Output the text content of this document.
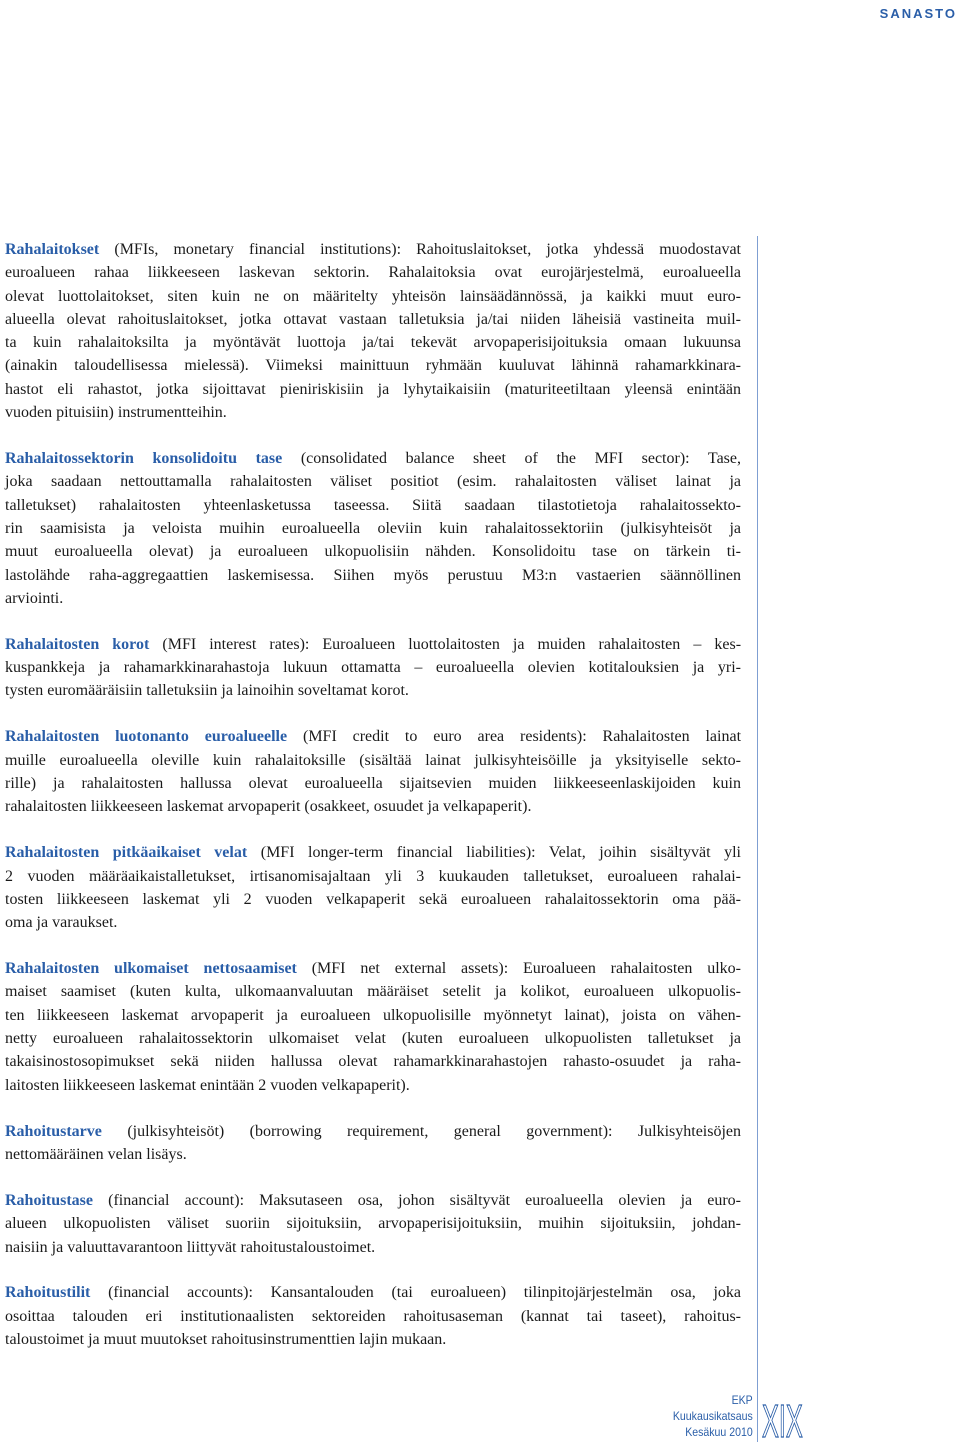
SANASTO
Rahalaitokset (MFIs, monetary financial institutions): Rahoituslaitokset, jotka yhdessä muodostavat
euroalueen rahaa liikkeeseen laskevan sektorin. Rahalaitoksia ovat eurojärjestelmä, euroalueella
olevat luottolaitokset, siten kuin ne on määritelty yhteisön lainsäädännössä, ja kaikki muut euro-
alueella olevat rahoituslaitokset, jotka ottavat vastaan talletuksia ja/tai niiden läheisiä vastineita muil-
ta kuin rahalaitoksilta ja myöntävät luottoja ja/tai tekevät arvopaperisijoituksia omaan lukuunsa
(ainakin taloudellisessa mielessä). Viimeksi mainittuun ryhmään kuuluvat lähinnä rahamarkkinara-
hastot eli rahastot, jotka sijoittavat pieniriskisiin ja lyhytaikaisiin (maturiteetiltaan yleensä enintään
vuoden pituisiin) instrumentteihin.
Rahalaitossektorin konsolidoitu tase (consolidated balance sheet of the MFI sector): Tase,
joka saadaan nettouttamalla rahalaitosten väliset positiot (esim. rahalaitosten väliset lainat ja
talletukset) rahalaitosten yhteenlasketussa taseessa. Siitä saadaan tilastotietoja rahalaitossekto-
rin saamisista ja veloista muihin euroalueella oleviin kuin rahalaitossektoriin (julkisyhteisöt ja
muut euroalueella olevat) ja euroalueen ulkopuolisiin nähden. Konsolidoitu tase on tärkein ti-
lastolähde raha-aggregaattien laskemisessa. Siihen myös perustuu M3:n vastaerien säännöllinen
arviointi.
Rahalaitosten korot (MFI interest rates): Euroalueen luottolaitosten ja muiden rahalaitosten – kes-
kuspankkeja ja rahamarkkinarahastoja lukuun ottamatta – euroalueella olevien kotitalouksien ja yri-
tysten euromääräisiin talletuksiin ja lainoihin soveltamat korot.
Rahalaitosten luotonanto euroalueelle (MFI credit to euro area residents): Rahalaitosten lainat
muille euroalueella oleville kuin rahalaitoksille (sisältää lainat julkisyhteisöille ja yksityiselle sekto-
rille) ja rahalaitosten hallussa olevat euroalueella sijaitsevien muiden liikkeeseenlaskijoiden kuin
rahalaitosten liikkeeseen laskemat arvopaperit (osakkeet, osuudet ja velkapaperit).
Rahalaitosten pitkäaikaiset velat (MFI longer-term financial liabilities): Velat, joihin sisältyvät yli
2 vuoden määräaikaistalletukset, irtisanomisajaltaan yli 3 kuukauden talletukset, euroalueen rahalai-
tosten liikkeeseen laskemat yli 2 vuoden velkapaperit sekä euroalueen rahalaitossektorin oma pää-
oma ja varaukset.
Rahalaitosten ulkomaiset nettosaamiset (MFI net external assets): Euroalueen rahalaitosten ulko-
maiset saamiset (kuten kulta, ulkomaanvaluutan määräiset setelit ja kolikot, euroalueen ulkopuolis-
ten liikkeeseen laskemat arvopaperit ja euroalueen ulkopuolisille myönnetyt lainat), joista on vähen-
netty euroalueen rahalaitossektorin ulkomaiset velat (kuten euroalueen ulkopuolisten talletukset ja
takaisinostosopimukset sekä niiden hallussa olevat rahamarkkinarahastojen rahasto-osuudet ja raha-
laitosten liikkeeseen laskemat enintään 2 vuoden velkapaperit).
Rahoitustarve (julkisyhteisöt) (borrowing requirement, general government): Julkisyhteisöjen
nettomääräinen velan lisäys.
Rahoitustase (financial account): Maksutaseen osa, johon sisältyvät euroalueella olevien ja euro-
alueen ulkopuolisten väliset suoriin sijoituksiin, arvopaperisijoituksiin, muihin sijoituksiin, johdan-
naisiin ja valuuttavarantoon liittyvät rahoitustaloustoimet.
Rahoitustilit (financial accounts): Kansantalouden (tai euroalueen) tilinpitojärjestelmän osa, joka
osoittaa talouden eri institutionaalisten sektoreiden rahoitusaseman (kannat tai taseet), rahoitus-
taloustoimet ja muut muutokset rahoitusinstrumenttien lajin mukaan.
EKP
Kuukausikatsaus
Kesäkuu 2010 XIX
